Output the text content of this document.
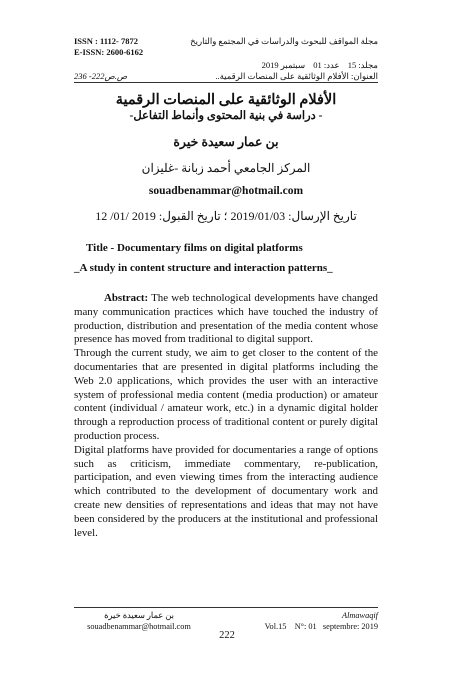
ISSN : 1112- 7872
E-ISSN: 2600-6162
مجلة المواقف للبحوث والدراسات في المجتمع والتاريخ
مجلد: 15 عدد: 01 سبتمبر 2019
العنوان: الأفلام الوثائقية على المنصات الرقمية..
ص.ص222- 236
الأفلام الوثائقية على المنصات الرقمية
- دراسة في بنية المحتوى وأنماط التفاعل-
بن عمار سعيدة خيرة
المركز الجامعي أحمد زبانة -غليزان
souadbenammar@hotmail.com
تاريخ الإرسال: 2019/01/03 ؛ تاريخ القبول: 2019 /01/ 12
Title - Documentary films on digital platforms
_A study in content structure and interaction patterns_

Abstract: The web technological developments have changed many communication practices which have touched the industry of production, distribution and presentation of the media content whose presence has moved from traditional to digital support.

Through the current study, we aim to get closer to the content of the documentaries that are presented in digital platforms including the Web 2.0 applications, which provides the user with an interactive system of professional media content (media production) or amateur content (individual / amateur work, etc.) in a dynamic digital holder through a reproduction process of traditional content or purely digital production process.

Digital platforms have provided for documentaries a range of options such as criticism, immediate commentary, re-publication, participation, and even viewing times from the interacting audience which contributed to the development of documentary work and create new densities of representations and ideas that may not have been considered by the producers at the institutional and professional level.

بن عمار سعيدة خيرة
souadbenammar@hotmail.com
Almawaqif
Vol.15 N°: 01 septembre: 2019
222
